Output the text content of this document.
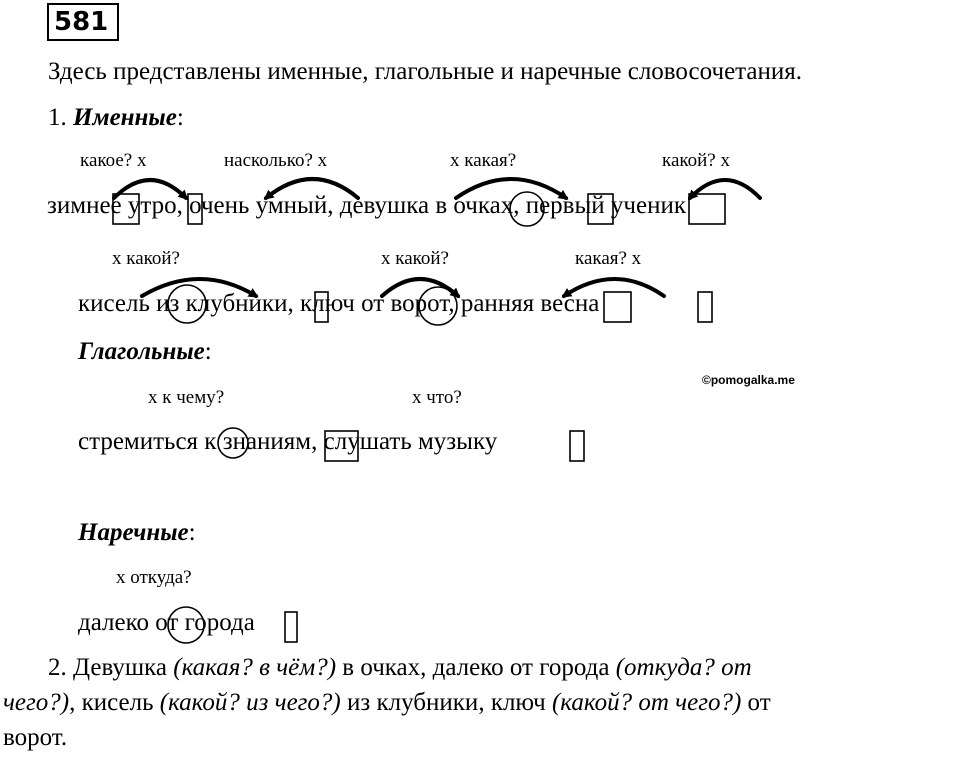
581
Здесь представлены именные, глагольные и наречные словосочетания.
1. Именные:
какое? х	насколько? х	х какая?	какой? х
зимнее утро, очень умный, девушка в очках, первый ученик
х какой?	х какой?	какая? х
кисель из клубники, ключ от ворот, ранняя весна
Глагольные:
©pomogalka.me
х к чему?	х что?
стремиться к знаниям, слушать музыку
Наречные:
х откуда?
далеко от города
2. Девушка (какая? в чём?) в очках, далеко от города (откуда? от
чего?), кисель (какой? из чего?) из клубники, ключ (какой? от чего?) от
ворот.
